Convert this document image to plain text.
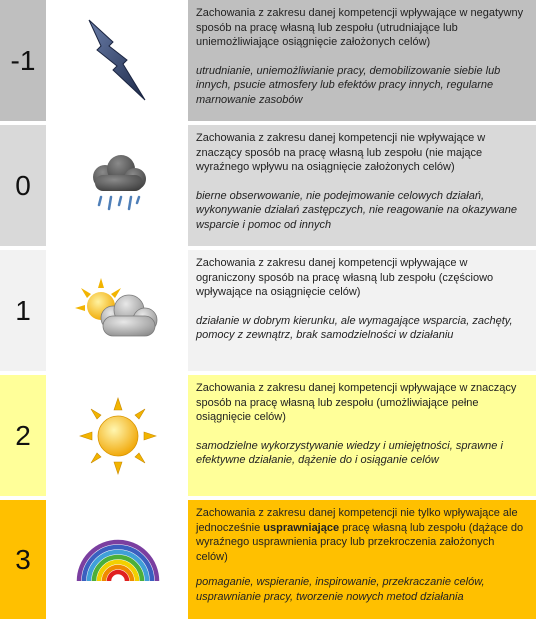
-1
Zachowania z zakresu danej kompetencji wpływające w negatywny sposób na pracę własną lub zespołu (utrudniające lub uniemożliwiające osiągnięcie założonych celów)
utrudnianie, uniemożliwianie pracy, demobilizowanie siebie lub innych, psucie atmosfery lub efektów pracy innych, regularne marnowanie zasobów
0
Zachowania z zakresu danej kompetencji nie wpływające w znaczący sposób na pracę własną lub zespołu (nie mające wyraźnego wpływu na osiągnięcie założonych celów)
bierne obserwowanie, nie podejmowanie celowych działań, wykonywanie działań zastępczych, nie reagowanie na okazywane wsparcie i pomoc od innych
1
Zachowania z zakresu danej kompetencji wpływające w ograniczony sposób na pracę własną lub zespołu (częściowo wpływające na osiągnięcie celów)
działanie w dobrym kierunku, ale wymagające wsparcia, zachęty, pomocy z zewnątrz, brak samodzielności w działaniu
2
Zachowania z zakresu danej kompetencji wpływające w znaczący sposób na pracę własną lub zespołu (umożliwiające pełne osiągnięcie celów)
samodzielne wykorzystywanie wiedzy i umiejętności, sprawne i efektywne działanie, dążenie do i osiąganie celów
3
Zachowania z zakresu danej kompetencji nie tylko wpływające ale jednocześnie usprawniające pracę własną lub zespołu (dążące do wyraźnego usprawnienia pracy lub przekroczenia założonych celów)
pomaganie, wspieranie, inspirowanie, przekraczanie celów, usprawnianie pracy, tworzenie nowych metod działania
